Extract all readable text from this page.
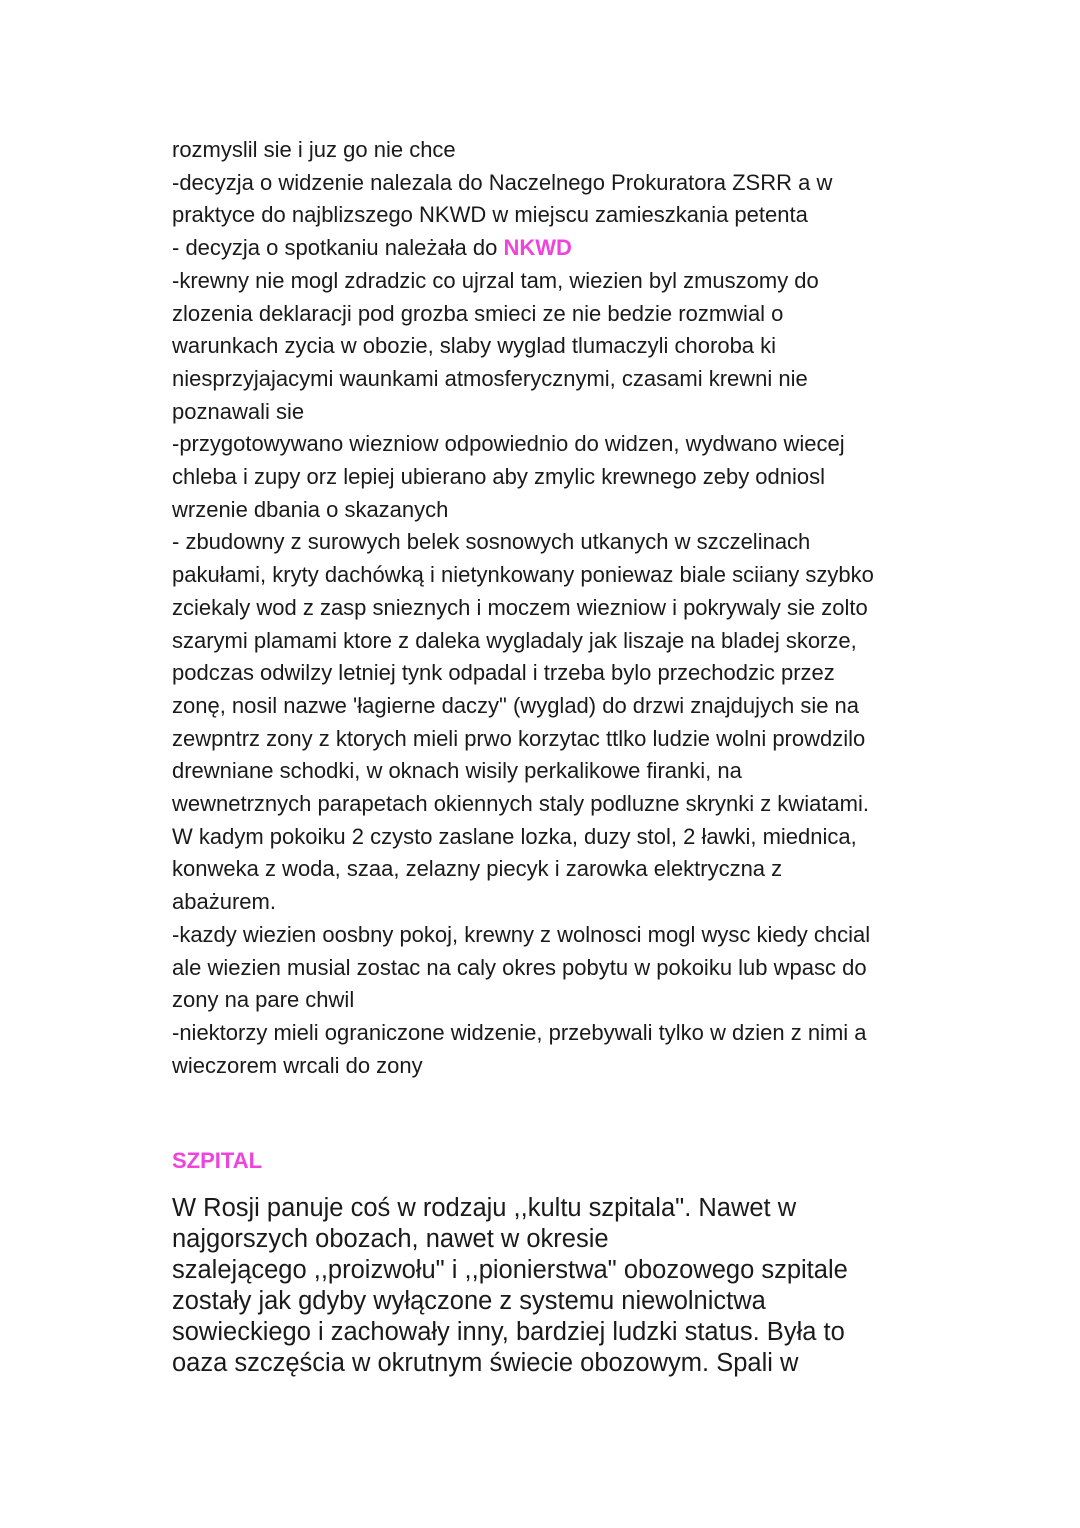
rozmyslil sie i juz go nie chce
-decyzja o widzenie nalezala do Naczelnego Prokuratora ZSRR a w
praktyce do najblizszego NKWD w miejscu zamieszkania petenta
- decyzja o spotkaniu należała do NKWD
-krewny nie mogl zdradzic co ujrzal tam, wiezien byl zmuszomy do
zlozenia deklaracji pod grozba smieci ze nie bedzie rozmwial o
warunkach zycia w obozie, slaby wyglad tlumaczyli choroba ki
niesprzyjajacymi waunkami atmosferycznymi, czasami krewni nie
poznawali sie
-przygotowywano wiezniow odpowiednio do widzen, wydwano wiecej
chleba i zupy orz lepiej ubierano aby zmylic krewnego zeby odniosl
wrzenie dbania o skazanych
- zbudowny z surowych belek sosnowych utkanych w szczelinach
pakułami, kryty dachówką i nietynkowany poniewaz biale sciiany szybko
zciekaly wod z zasp snieznych i moczem wiezniow i pokrywaly sie zolto
szarymi plamami ktore z daleka wygladaly jak liszaje na bladej skorze,
podczas odwilzy letniej tynk odpadal i trzeba bylo przechodzic przez
zonę, nosil nazwe 'łagierne daczy" (wyglad) do drzwi znajdujych sie na
zewpntrz zony z ktorych mieli prwo korzytac ttlko ludzie wolni prowdzilo
drewniane schodki, w oknach wisily perkalikowe firanki, na
wewnetrznych parapetach okiennych staly podluzne skrynki z kwiatami.
W kadym pokoiku 2 czysto zaslane lozka, duzy stol, 2 ławki, miednica,
konweka z woda, szaa, zelazny piecyk i zarowka elektryczna z
abażurem.
-kazdy wiezien oosbny pokoj, krewny z wolnosci mogl wysc kiedy chcial
ale wiezien musial zostac na caly okres pobytu w pokoiku lub wpasc do
zony na pare chwil
-niektorzy mieli ograniczone widzenie, przebywali tylko w dzien z nimi a
wieczorem wrcali do zony
SZPITAL
W Rosji panuje coś w rodzaju ,,kultu szpitala". Nawet w
najgorszych obozach, nawet w okresie
szalejącego ,,proizwołu" i ,,pionierstwa" obozowego szpitale
zostały jak gdyby wyłączone z systemu niewolnictwa
sowieckiego i zachowały inny, bardziej ludzki status. Była to
oaza szczęścia w okrutnym świecie obozowym. Spali w
